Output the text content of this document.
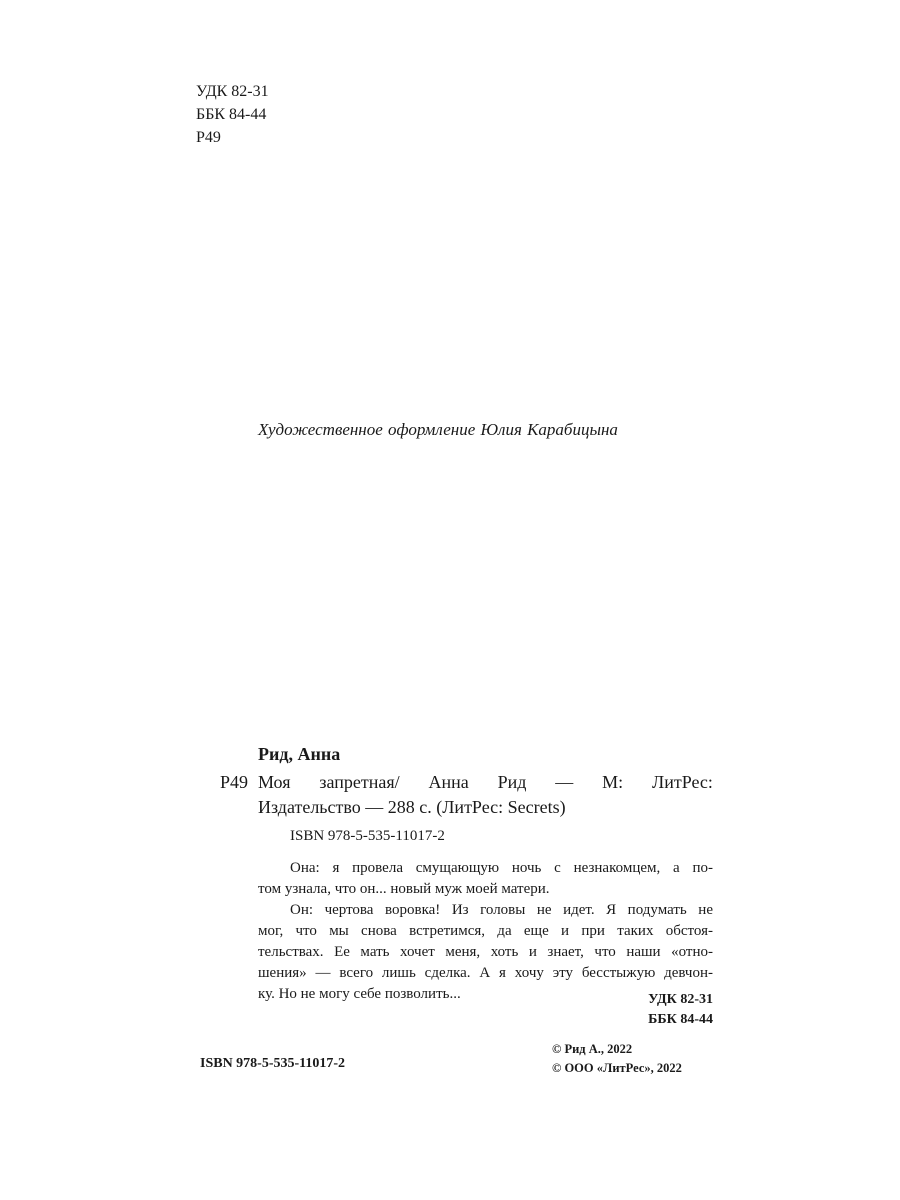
УДК 82-31
ББК 84-44
Р49
Художественное оформление Юлия Карабицына
Рид, Анна
Р49 Моя запретная/ Анна Рид — М: ЛитРес:
Издательство — 288 с. (ЛитРес: Secrets)
ISBN 978-5-535-11017-2

Она: я провела смущающую ночь с незнакомцем, а по-
том узнала, что он... новый муж моей матери.

Он: чертова воровка! Из головы не идет. Я подумать не
мог, что мы снова встретимся, да еще и при таких обстоя-
тельствах. Ее мать хочет меня, хоть и знает, что наши «отно-
шения» — всего лишь сделка. А я хочу эту бесстыжую девчон-
ку. Но не могу себе позволить...	УДК 82-31
ББК 84-44
ISBN 978-5-535-11017-2
© Рид А., 2022
© ООО «ЛитРес», 2022
